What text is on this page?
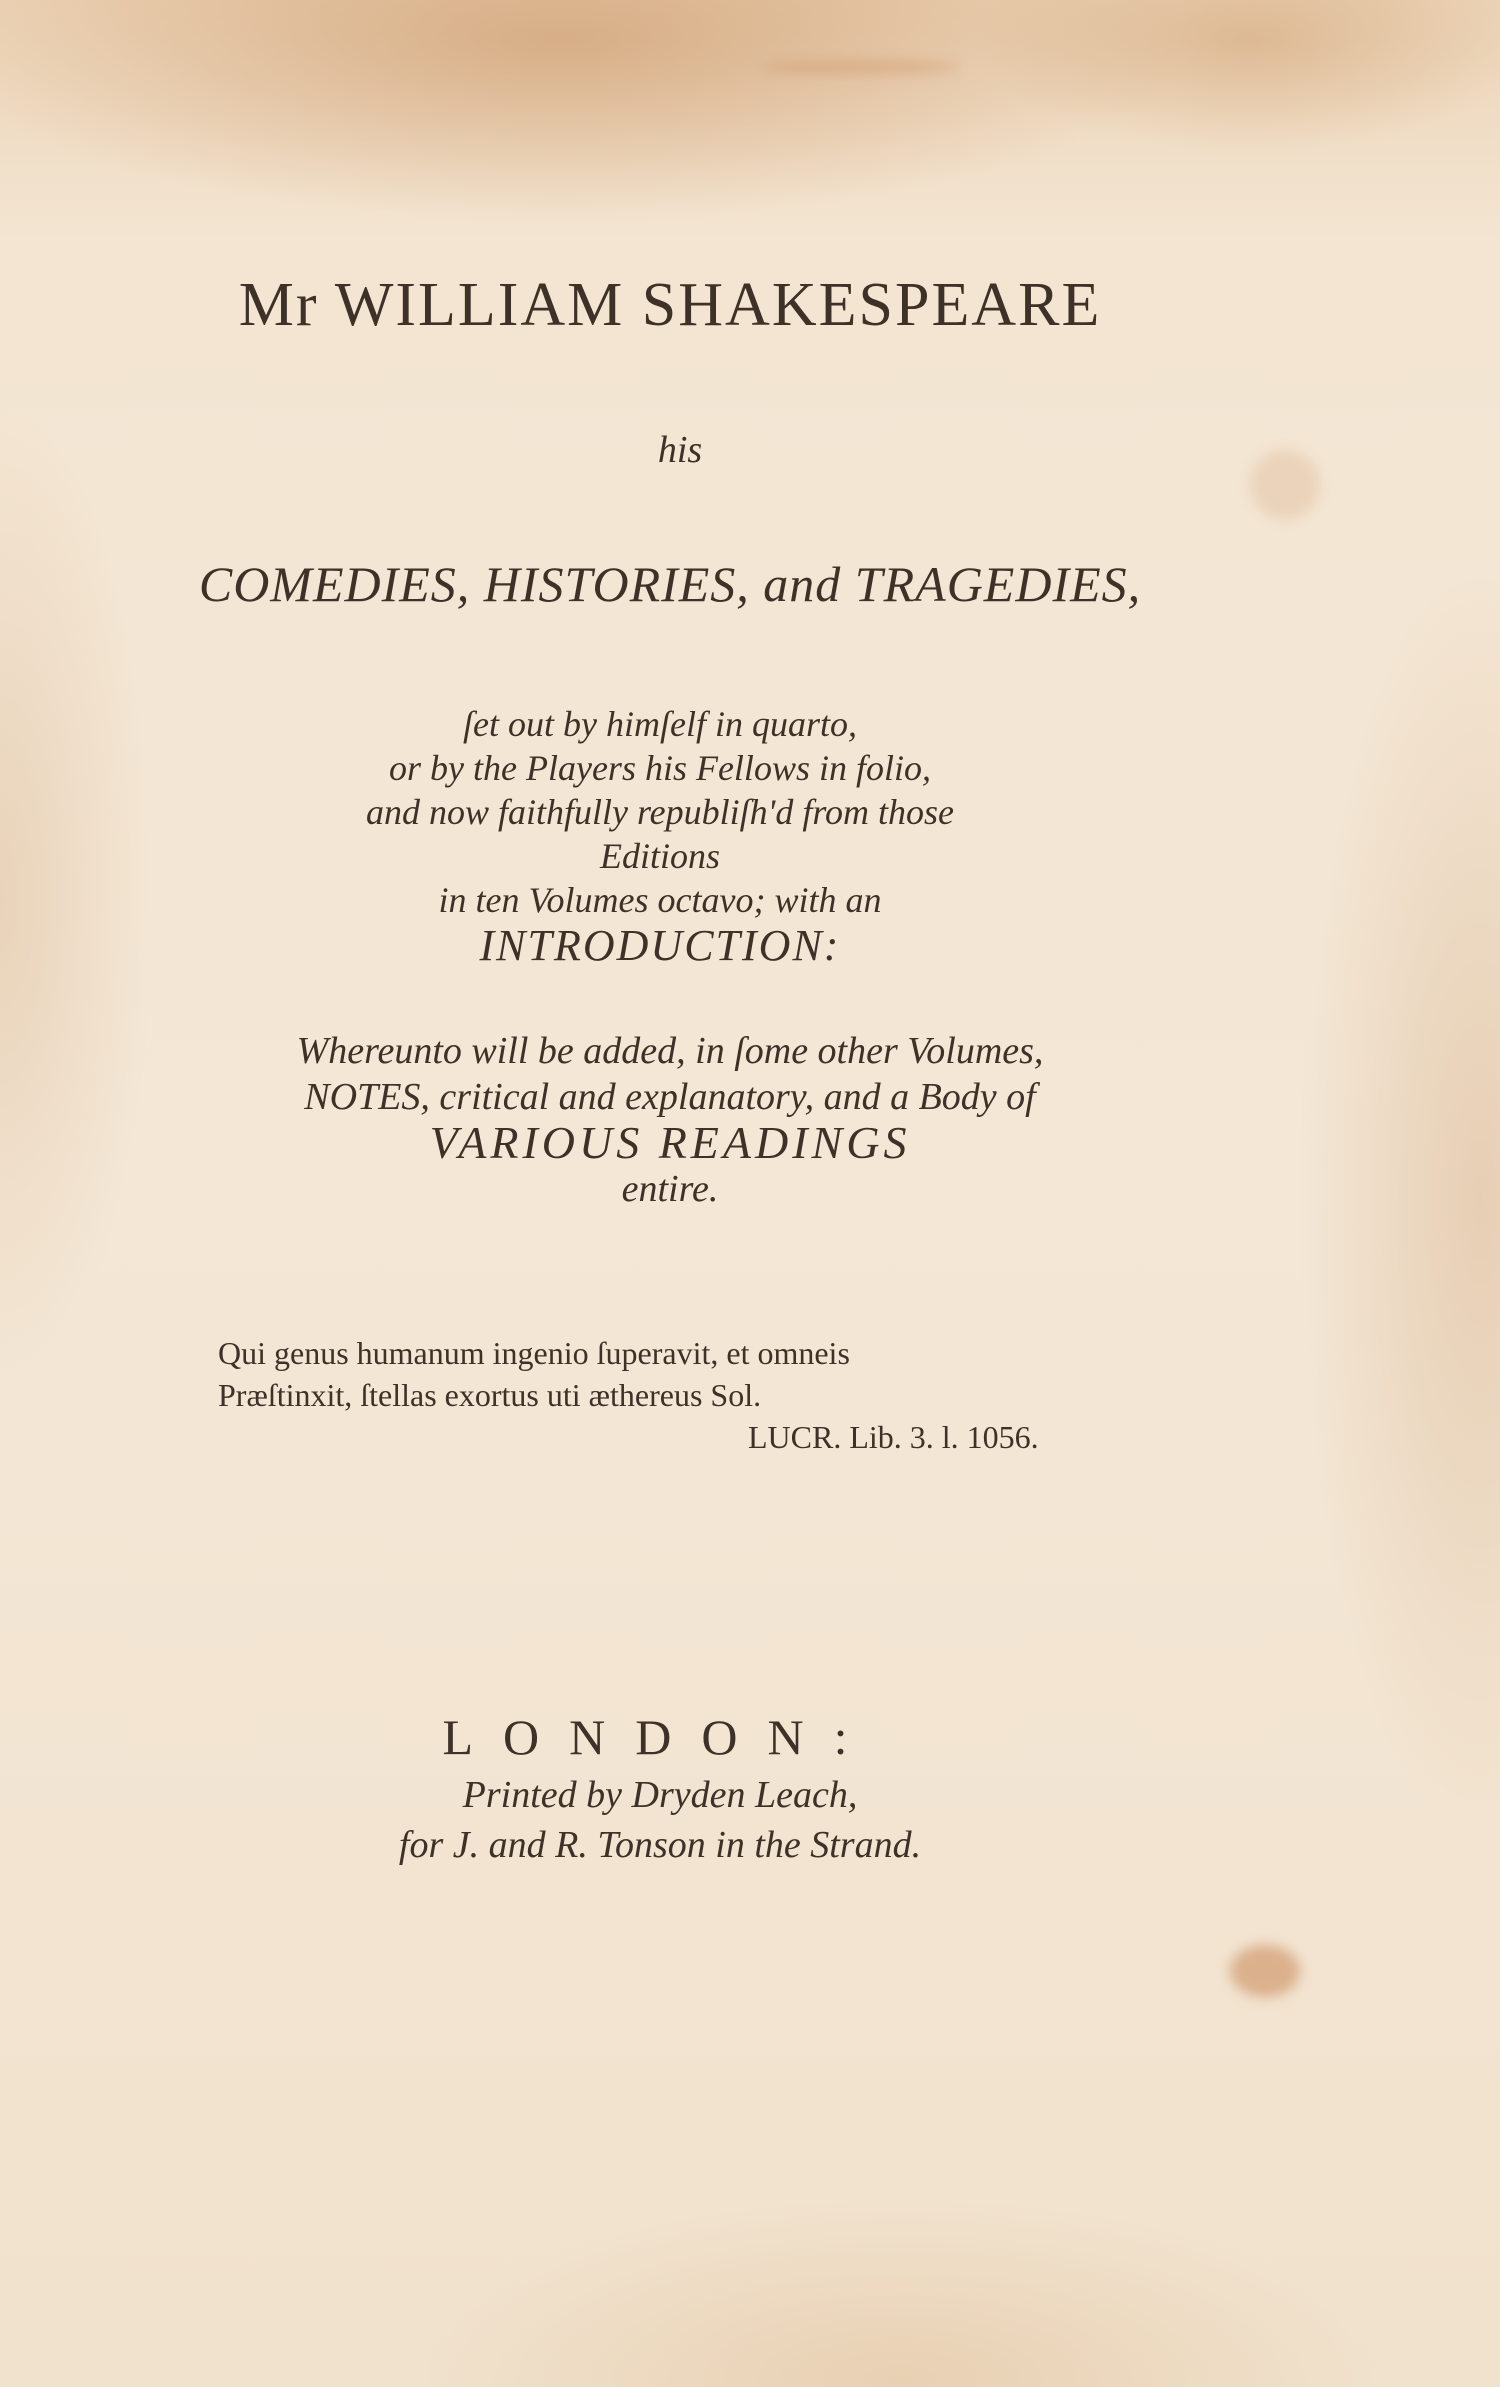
Mr WILLIAM SHAKESPEARE
his
COMEDIES, HISTORIES, and TRAGEDIES,
ſet out by himſelf in quarto,
or by the Players his Fellows in folio,
and now faithfully republiſh'd from those
Editions
in ten Volumes octavo; with an
INTRODUCTION:
Whereunto will be added, in ſome other Volumes,
NOTES, critical and explanatory, and a Body of
VARIOUS READINGS
entire.
Qui genus humanum ingenio ſuperavit, et omneis
Præſtinxit, ſtellas exortus uti æthereus Sol.
LUCR. Lib. 3. l. 1056.
LONDON:
Printed by Dryden Leach,
for J. and R. Tonson in the Strand.
